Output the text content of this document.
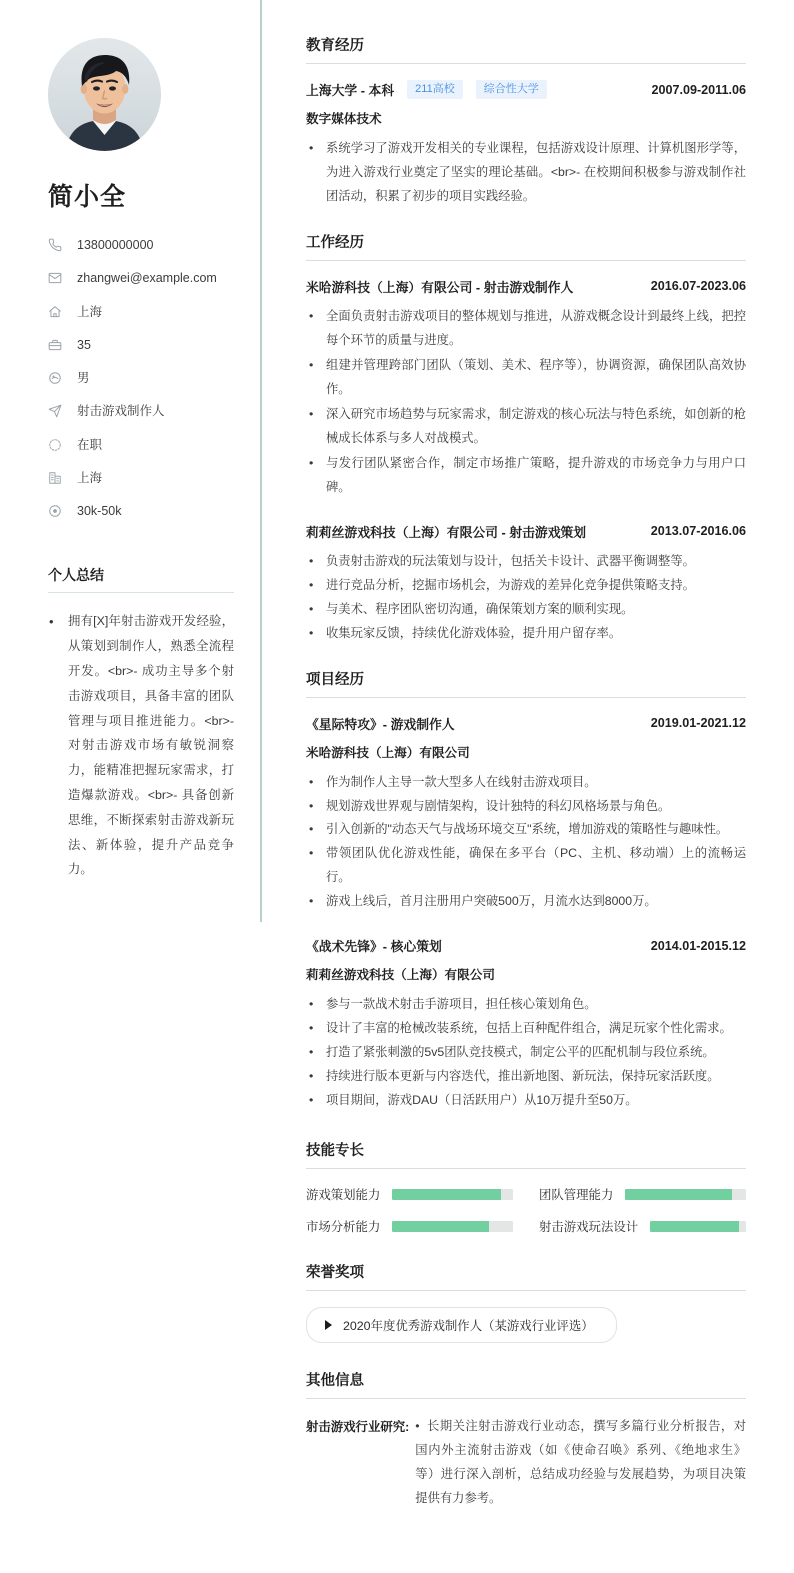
简小全
13800000000
zhangwei@example.com
上海
35
男
射击游戏制作人
在职
上海
30k-50k
个人总结
• 拥有[X]年射击游戏开发经验，从策划到制作人，熟悉全流程开发。<br>- 成功主导多个射击游戏项目，具备丰富的团队管理与项目推进能力。<br>- 对射击游戏市场有敏锐洞察力，能精准把握玩家需求，打造爆款游戏。<br>- 具备创新思维，不断探索射击游戏新玩法、新体验，提升产品竞争力。
教育经历
上海大学 - 本科	211高校	综合性大学	2007.09-2011.06
数字媒体技术
• 系统学习了游戏开发相关的专业课程，包括游戏设计原理、计算机图形学等，为进入游戏行业奠定了坚实的理论基础。<br>- 在校期间积极参与游戏制作社团活动，积累了初步的项目实践经验。
工作经历
米哈游科技（上海）有限公司 - 射击游戏制作人	2016.07-2023.06
• 全面负责射击游戏项目的整体规划与推进，从游戏概念设计到最终上线，把控每个环节的质量与进度。
• 组建并管理跨部门团队（策划、美术、程序等），协调资源，确保团队高效协作。
• 深入研究市场趋势与玩家需求，制定游戏的核心玩法与特色系统，如创新的枪械成长体系与多人对战模式。
• 与发行团队紧密合作，制定市场推广策略，提升游戏的市场竞争力与用户口碑。
莉莉丝游戏科技（上海）有限公司 - 射击游戏策划	2013.07-2016.06
• 负责射击游戏的玩法策划与设计，包括关卡设计、武器平衡调整等。
• 进行竞品分析，挖掘市场机会，为游戏的差异化竞争提供策略支持。
• 与美术、程序团队密切沟通，确保策划方案的顺利实现。
• 收集玩家反馈，持续优化游戏体验，提升用户留存率。
项目经历
《星际特攻》- 游戏制作人	2019.01-2021.12
米哈游科技（上海）有限公司
• 作为制作人主导一款大型多人在线射击游戏项目。
• 规划游戏世界观与剧情架构，设计独特的科幻风格场景与角色。
• 引入创新的"动态天气与战场环境交互"系统，增加游戏的策略性与趣味性。
• 带领团队优化游戏性能，确保在多平台（PC、主机、移动端）上的流畅运行。
• 游戏上线后，首月注册用户突破500万，月流水达到8000万。
《战术先锋》- 核心策划	2014.01-2015.12
莉莉丝游戏科技（上海）有限公司
• 参与一款战术射击手游项目，担任核心策划角色。
• 设计了丰富的枪械改装系统，包括上百种配件组合，满足玩家个性化需求。
• 打造了紧张刺激的5v5团队竞技模式，制定公平的匹配机制与段位系统。
• 持续进行版本更新与内容迭代，推出新地图、新玩法，保持玩家活跃度。
• 项目期间，游戏DAU（日活跃用户）从10万提升至50万。
技能专长
游戏策划能力	团队管理能力
市场分析能力	射击游戏玩法设计
荣誉奖项
2020年度优秀游戏制作人（某游戏行业评选）
其他信息
射击游戏行业研究: • 长期关注射击游戏行业动态，撰写多篇行业分析报告，对国内外主流射击游戏（如《使命召唤》系列、《绝地求生》等）进行深入剖析，总结成功经验与发展趋势，为项目决策提供有力参考。
